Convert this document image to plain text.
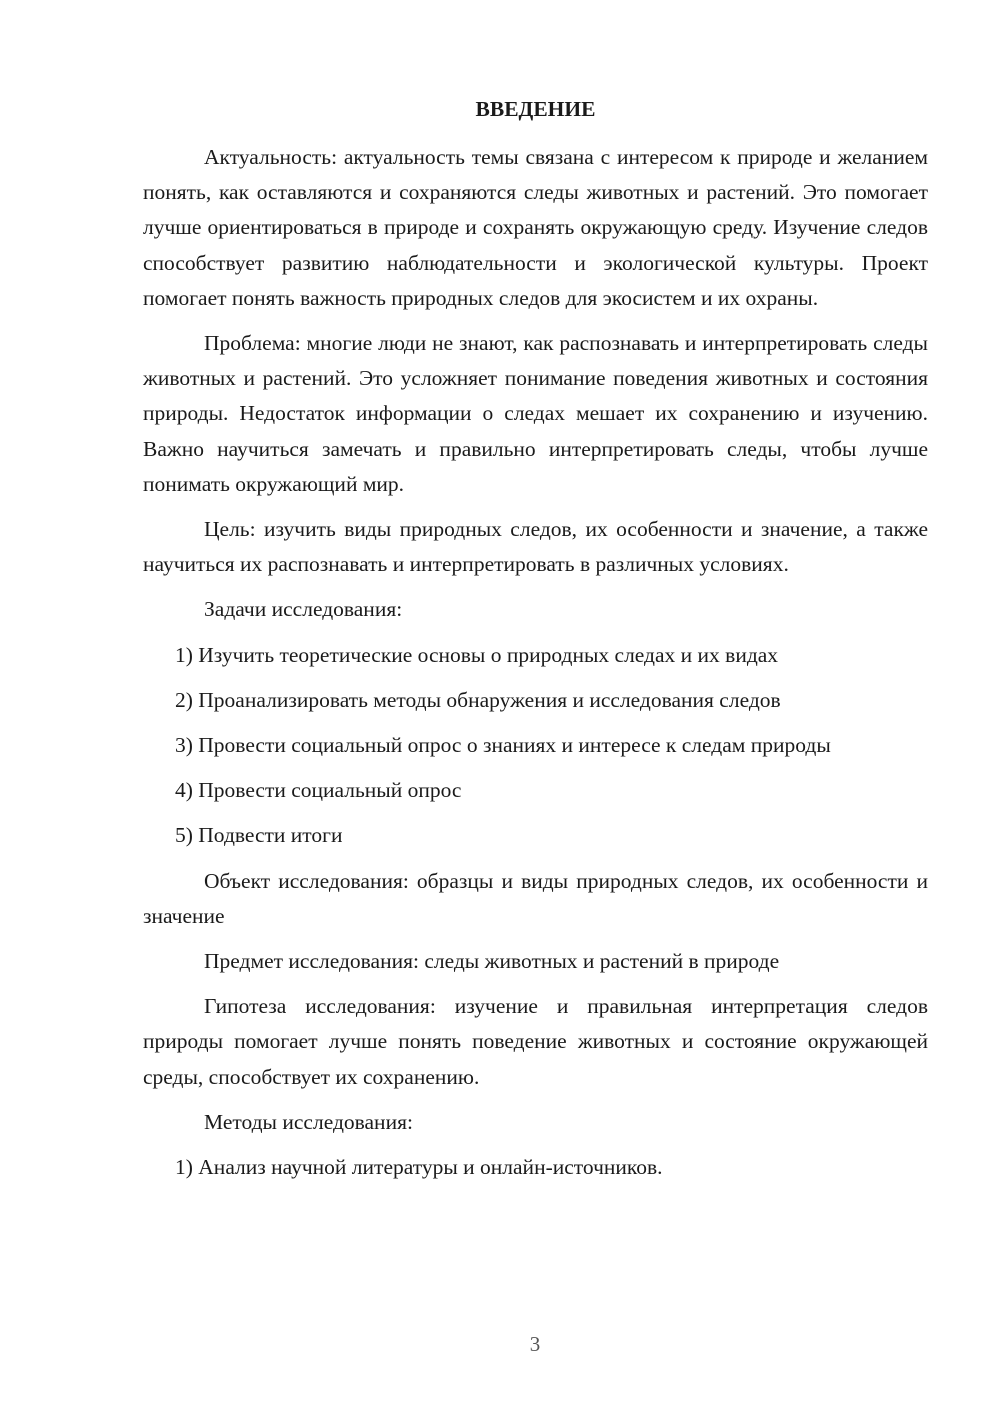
ВВЕДЕНИЕ

Актуальность: актуальность темы связана с интересом к природе и желанием понять, как оставляются и сохраняются следы животных и растений. Это помогает лучше ориентироваться в природе и сохранять окружающую среду. Изучение следов способствует развитию наблюдательности и экологической культуры. Проект помогает понять важность природных следов для экосистем и их охраны.

Проблема: многие люди не знают, как распознавать и интерпретировать следы животных и растений. Это усложняет понимание поведения животных и состояния природы. Недостаток информации о следах мешает их сохранению и изучению. Важно научиться замечать и правильно интерпретировать следы, чтобы лучше понимать окружающий мир.

Цель: изучить виды природных следов, их особенности и значение, а также научиться их распознавать и интерпретировать в различных условиях.

Задачи исследования:

1) Изучить теоретические основы о природных следах и их видах

2) Проанализировать методы обнаружения и исследования следов

3) Провести социальный опрос о знаниях и интересе к следам природы

4) Провести социальный опрос

5) Подвести итоги

Объект исследования: образцы и виды природных следов, их особенности и значение

Предмет исследования: следы животных и растений в природе

Гипотеза исследования: изучение и правильная интерпретация следов природы помогает лучше понять поведение животных и состояние окружающей среды, способствует их сохранению.

Методы исследования:

1) Анализ научной литературы и онлайн-источников.

3
